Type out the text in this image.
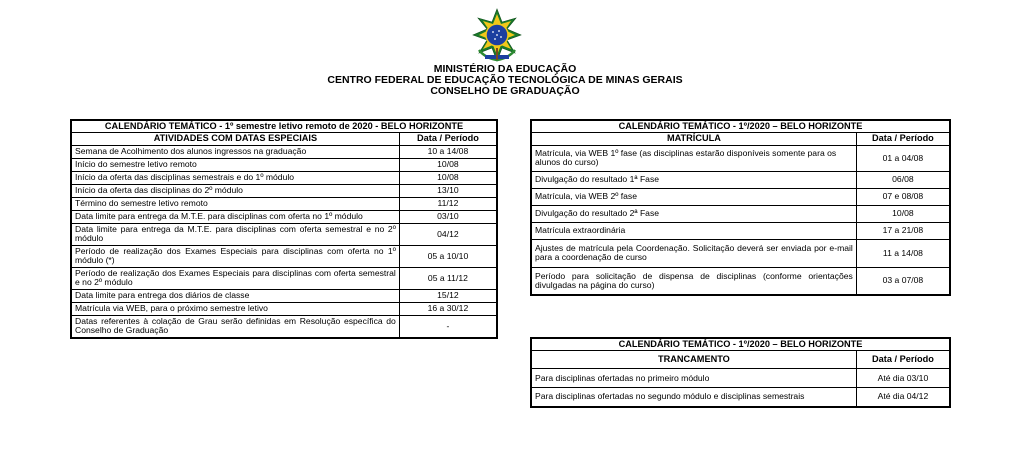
MINISTÉRIO DA EDUCAÇÃO
CENTRO FEDERAL DE EDUCAÇÃO TECNOLÓGICA DE MINAS GERAIS
CONSELHO DE GRADUAÇÃO
CALENDÁRIO TEMÁTICO - 1º semestre letivo remoto de 2020 - BELO HORIZONTE	
ATIVIDADES COM DATAS ESPECIAIS	Data / Período
Semana de Acolhimento dos alunos ingressos na graduação	10 a 14/08
Início do semestre letivo remoto	10/08
Início da oferta das disciplinas semestrais e do 1º módulo	10/08
Início da oferta das disciplinas do 2º módulo	13/10
Término do semestre letivo remoto	11/12
Data limite para entrega da M.T.E. para disciplinas com oferta no 1º módulo	03/10
Data limite para entrega da M.T.E. para disciplinas com oferta semestral e no 2º módulo	04/12
Período de realização dos Exames Especiais para disciplinas com oferta no 1º módulo (*)	05 a 10/10
Período de realização dos Exames Especiais para disciplinas com oferta semestral e no 2º módulo	05 a 11/12
Data limite para entrega dos diários de classe	15/12
Matrícula via WEB, para o próximo semestre letivo	16 a 30/12
Datas referentes à colação de Grau serão definidas em Resolução específica do Conselho de Graduação	-
CALENDÁRIO TEMÁTICO - 1º/2020 – BELO HORIZONTE	
MATRÍCULA	Data / Período
Matrícula, via WEB 1º fase (as disciplinas estarão disponíveis somente para os alunos do curso)	01 a 04/08
Divulgação do resultado 1ª Fase	06/08
Matrícula, via WEB 2º fase	07 e 08/08
Divulgação do resultado 2ª Fase	10/08
Matrícula extraordinária	17 a 21/08
Ajustes de matrícula pela Coordenação. Solicitação deverá ser enviada por e-mail para a coordenação de curso	11 a 14/08
Período para solicitação de dispensa de disciplinas (conforme orientações divulgadas na página do curso)	03 a 07/08
CALENDÁRIO TEMÁTICO - 1º/2020 – BELO HORIZONTE	
TRANCAMENTO	Data / Período
Para disciplinas ofertadas no primeiro módulo	Até dia 03/10
Para disciplinas ofertadas no segundo módulo e disciplinas semestrais	Até dia 04/12
